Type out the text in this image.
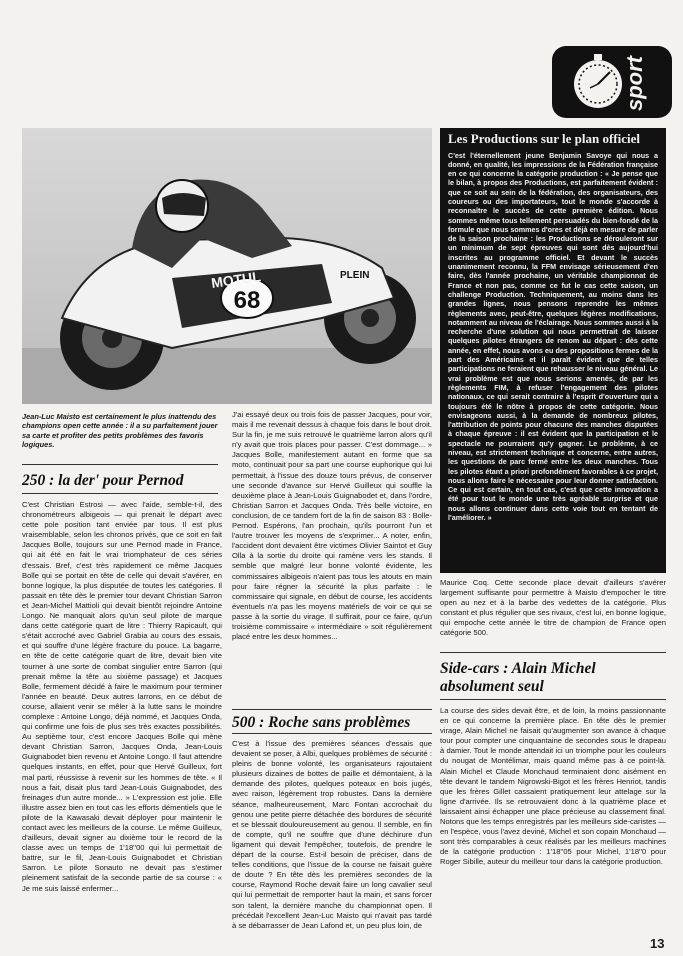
sport
68
MOTUL	PLEIN
Jean-Luc Maisto est certainement le plus inattendu des champions open cette année : il a su parfaitement jouer sa carte et profiter des petits problèmes des favoris logiques.
Les Productions sur le plan officiel

C'est l'éternellement jeune Benjamin Savoye qui nous a donné, en qualité, les impressions de la Fédération française en ce qui concerne la catégorie production : « Je pense que le bilan, à propos des Productions, est parfaitement évident : que ce soit au sein de la fédération, des organisateurs, des coureurs ou des importateurs, tout le monde s'accorde à reconnaître le succès de cette première édition. Nous sommes même tous tellement persuadés du bien-fondé de la formule que nous sommes d'ores et déjà en mesure de parler de la saison prochaine : les Productions se dérouleront sur un minimum de sept épreuves qui sont dès aujourd'hui inscrites au programme officiel. Et devant le succès unanimement reconnu, la FFM envisage sérieusement d'en faire, dès l'année prochaine, un véritable championnat de France et non pas, comme ce fut le cas cette saison, un challenge Production. Techniquement, au moins dans les grandes lignes, nous pensons reprendre les mêmes règlements avec, peut-être, quelques légères modifications, notamment au niveau de l'éclairage. Nous sommes aussi à la recherche d'une solution qui nous permettrait de laisser quelques pilotes étrangers de renom au départ : dès cette année, en effet, nous avons eu des propositions fermes de la part des Américains et il paraît évident que de telles participations ne feraient que rehausser le niveau général. Le vrai problème est que nous serions amenés, de par les règlements FIM, à refuser l'engagement des pilotes nationaux, ce qui serait contraire à l'esprit d'ouverture qui a toujours été le nôtre à propos de cette catégorie. Nous envisageons aussi, à la demande de nombreux pilotes, l'attribution de points pour chacune des manches disputées à chaque épreuve : il est évident que la participation et le spectacle ne pourraient qu'y gagner. Le problème, à ce niveau, est strictement technique et concerne, entre autres, les questions de parc fermé entre les deux manches. Tous les pilotes étant a priori profondément favorables à ce projet, nous allons faire le nécessaire pour leur donner satisfaction. Ce qui est certain, en tout cas, c'est que cette innovation a été pour tout le monde une très agréable surprise et que nous allons continuer dans cette voie tout en tentant de l'améliorer. »

250 : la der' pour Pernod

C'est Christian Estrosi — avec l'aide, semble-t-il, des chronométreurs albigeois — qui prenait le départ avec cette pole position tant enviée par tous. Il est plus vraisemblable, selon les chronos privés, que ce soit en fait Jacques Bolle, toujours sur une Pernod made in France, qui ait été en fait le vrai triomphateur de ces séries d'essais. Bref, c'est très rapidement ce même Jacques Bolle qui se portait en tête de celle qui devait s'avérer, en bonne logique, la plus disputée de toutes les catégories. Il passait en tête dès le premier tour devant Christian Sarron et Jean-Michel Mattioli qui devait bientôt rejoindre Antoine Longo. Ne manquait alors qu'un seul pilote de marque dans cette catégorie quart de litre : Thierry Rapicault, qui s'était accroché avec Gabriel Grabia au cours des essais, et qui souffre d'une légère fracture du pouce. La bagarre, en tête de cette catégorie quart de litre, devait bien vite tourner à une sorte de combat singulier entre Sarron (qui prenait même la tête au sixième passage) et Jacques Bolle, fermement décidé à faire le maximum pour terminer l'année en beauté. Deux autres larrons, en ce début de course, allaient venir se mêler à la lutte sans le moindre complexe : Antoine Longo, déjà nommé, et Jacques Onda, qui confirme une fois de plus ses très exactes possibilités. Au septième tour, c'est encore Jacques Bolle qui mène devant Christian Sarron, Jacques Onda, Jean-Louis Guignabodet bien revenu et Antoine Longo. Il faut attendre quelques instants, en effet, pour que Hervé Guilleux, fort mal parti, réussisse à revenir sur les hommes de tête. « Il nous a fait, disait plus tard Jean-Louis Guignabodet, des freinages d'un autre monde... » L'expression est jolie. Elle illustre assez bien en tout cas les efforts démentiels que le pilote de la Kawasaki devait déployer pour maintenir le contact avec les meilleurs de la course. Le même Guilleux, d'ailleurs, devait signer au dixième tour le record de la classe avec un temps de 1'18''00 qui lui permettait de battre, sur le fil, Jean-Louis Guignabodet et Christian Sarron. Le pilote Sonauto ne devait pas s'estimer pleinement satisfait de la seconde partie de sa course : « Je me suis laissé enfermer...

J'ai essayé deux ou trois fois de passer Jacques, pour voir, mais il me revenait dessus à chaque fois dans le bout droit. Sur la fin, je me suis retrouvé le quatrième larron alors qu'il n'y avait que trois places pour passer. C'est dommage... » Jacques Bolle, manifestement autant en forme que sa moto, continuait pour sa part une course euphorique qui lui permettait, à l'issue des douze tours prévus, de conserver une seconde d'avance sur Hervé Guilleux qui souffle la deuxième place à Jean-Louis Guignabodet et, dans l'ordre, Christian Sarron et Jacques Onda. Très belle victoire, en conclusion, de ce tandem fort de la fin de saison 83 : Bolle-Pernod. Espérons, l'an prochain, qu'ils pourront l'un et l'autre trouver les moyens de s'exprimer... A noter, enfin, l'accident dont devaient être victimes Olivier Saintot et Guy Olla à la sortie du droite qui ramène vers les stands. Il semble que malgré leur bonne volonté évidente, les commissaires albigeois n'aient pas tous les atouts en main pour faire régner la sécurité la plus parfaite : le commissaire qui signale, en début de course, les accidents éventuels n'a pas les moyens matériels de voir ce qui se passe à la sortie du virage. Il suffirait, pour ce faire, qu'un troisième commissaire « intermédiaire » soit régulièrement placé entre les deux hommes...

500 : Roche sans problèmes

C'est à l'issue des premières séances d'essais que devaient se poser, à Albi, quelques problèmes de sécurité : pleins de bonne volonté, les organisateurs rajoutaient plusieurs dizaines de bottes de paille et démontaient, à la demande des pilotes, quelques poteaux en bois jugés, avec raison, légèrement trop robustes. Dans la dernière séance, malheureusement, Marc Fontan accrochait du genou une petite pierre détachée des bordures de sécurité et se blessait douloureusement au genou. Il semble, en fin de compte, qu'il ne souffre que d'une déchirure d'un ligament qui devait l'empêcher, toutefois, de prendre le départ de la course. Est-il besoin de préciser, dans de telles conditions, que l'issue de la course ne faisait guère de doute ? En tête dès les premières secondes de la course, Raymond Roche devait faire un long cavalier seul qui lui permettait de remporter haut la main, et sans forcer son talent, la dernière manche du championnat open. Il précédait l'excellent Jean-Luc Maisto qui n'avait pas tardé à se débarrasser de Jean Lafond et, un peu plus loin, de

Maurice Coq. Cette seconde place devait d'ailleurs s'avérer largement suffisante pour permettre à Maisto d'empocher le titre open au nez et à la barbe des vedettes de la catégorie. Plus constant et plus régulier que ses rivaux, c'est lui, en bonne logique, qui empoche cette année le titre de champion de France open catégorie 500.

Side-cars : Alain Michel absolument seul

La course des sides devait être, et de loin, la moins passionnante en ce qui concerne la première place. En tête dès le premier virage, Alain Michel ne faisait qu'augmenter son avance à chaque tour pour compter une cinquantaine de secondes sous le drapeau à damier. Tout le monde attendait ici un triomphe pour les couleurs du nougat de Montélimar, mais quand même pas à ce point-là. Alain Michel et Claude Monchaud terminaient donc aisément en tête devant le tandem Nigrowski-Bigot et les frères Henriot, tandis que les frères Gillet cassaient pratiquement leur attelage sur la ligne d'arrivée. Ils se retrouvaient donc à la quatrième place et laissaient ainsi échapper une place précieuse au classement final. Notons que les temps enregistrés par les meilleurs side-caristes — en l'espèce, vous l'avez deviné, Michel et son copain Monchaud — sont très comparables à ceux réalisés par les meilleurs machines de la catégorie production : 1'18''05 pour Michel, 1'18''0 pour Roger Sibille, auteur du meilleur tour dans la catégorie production.

13
